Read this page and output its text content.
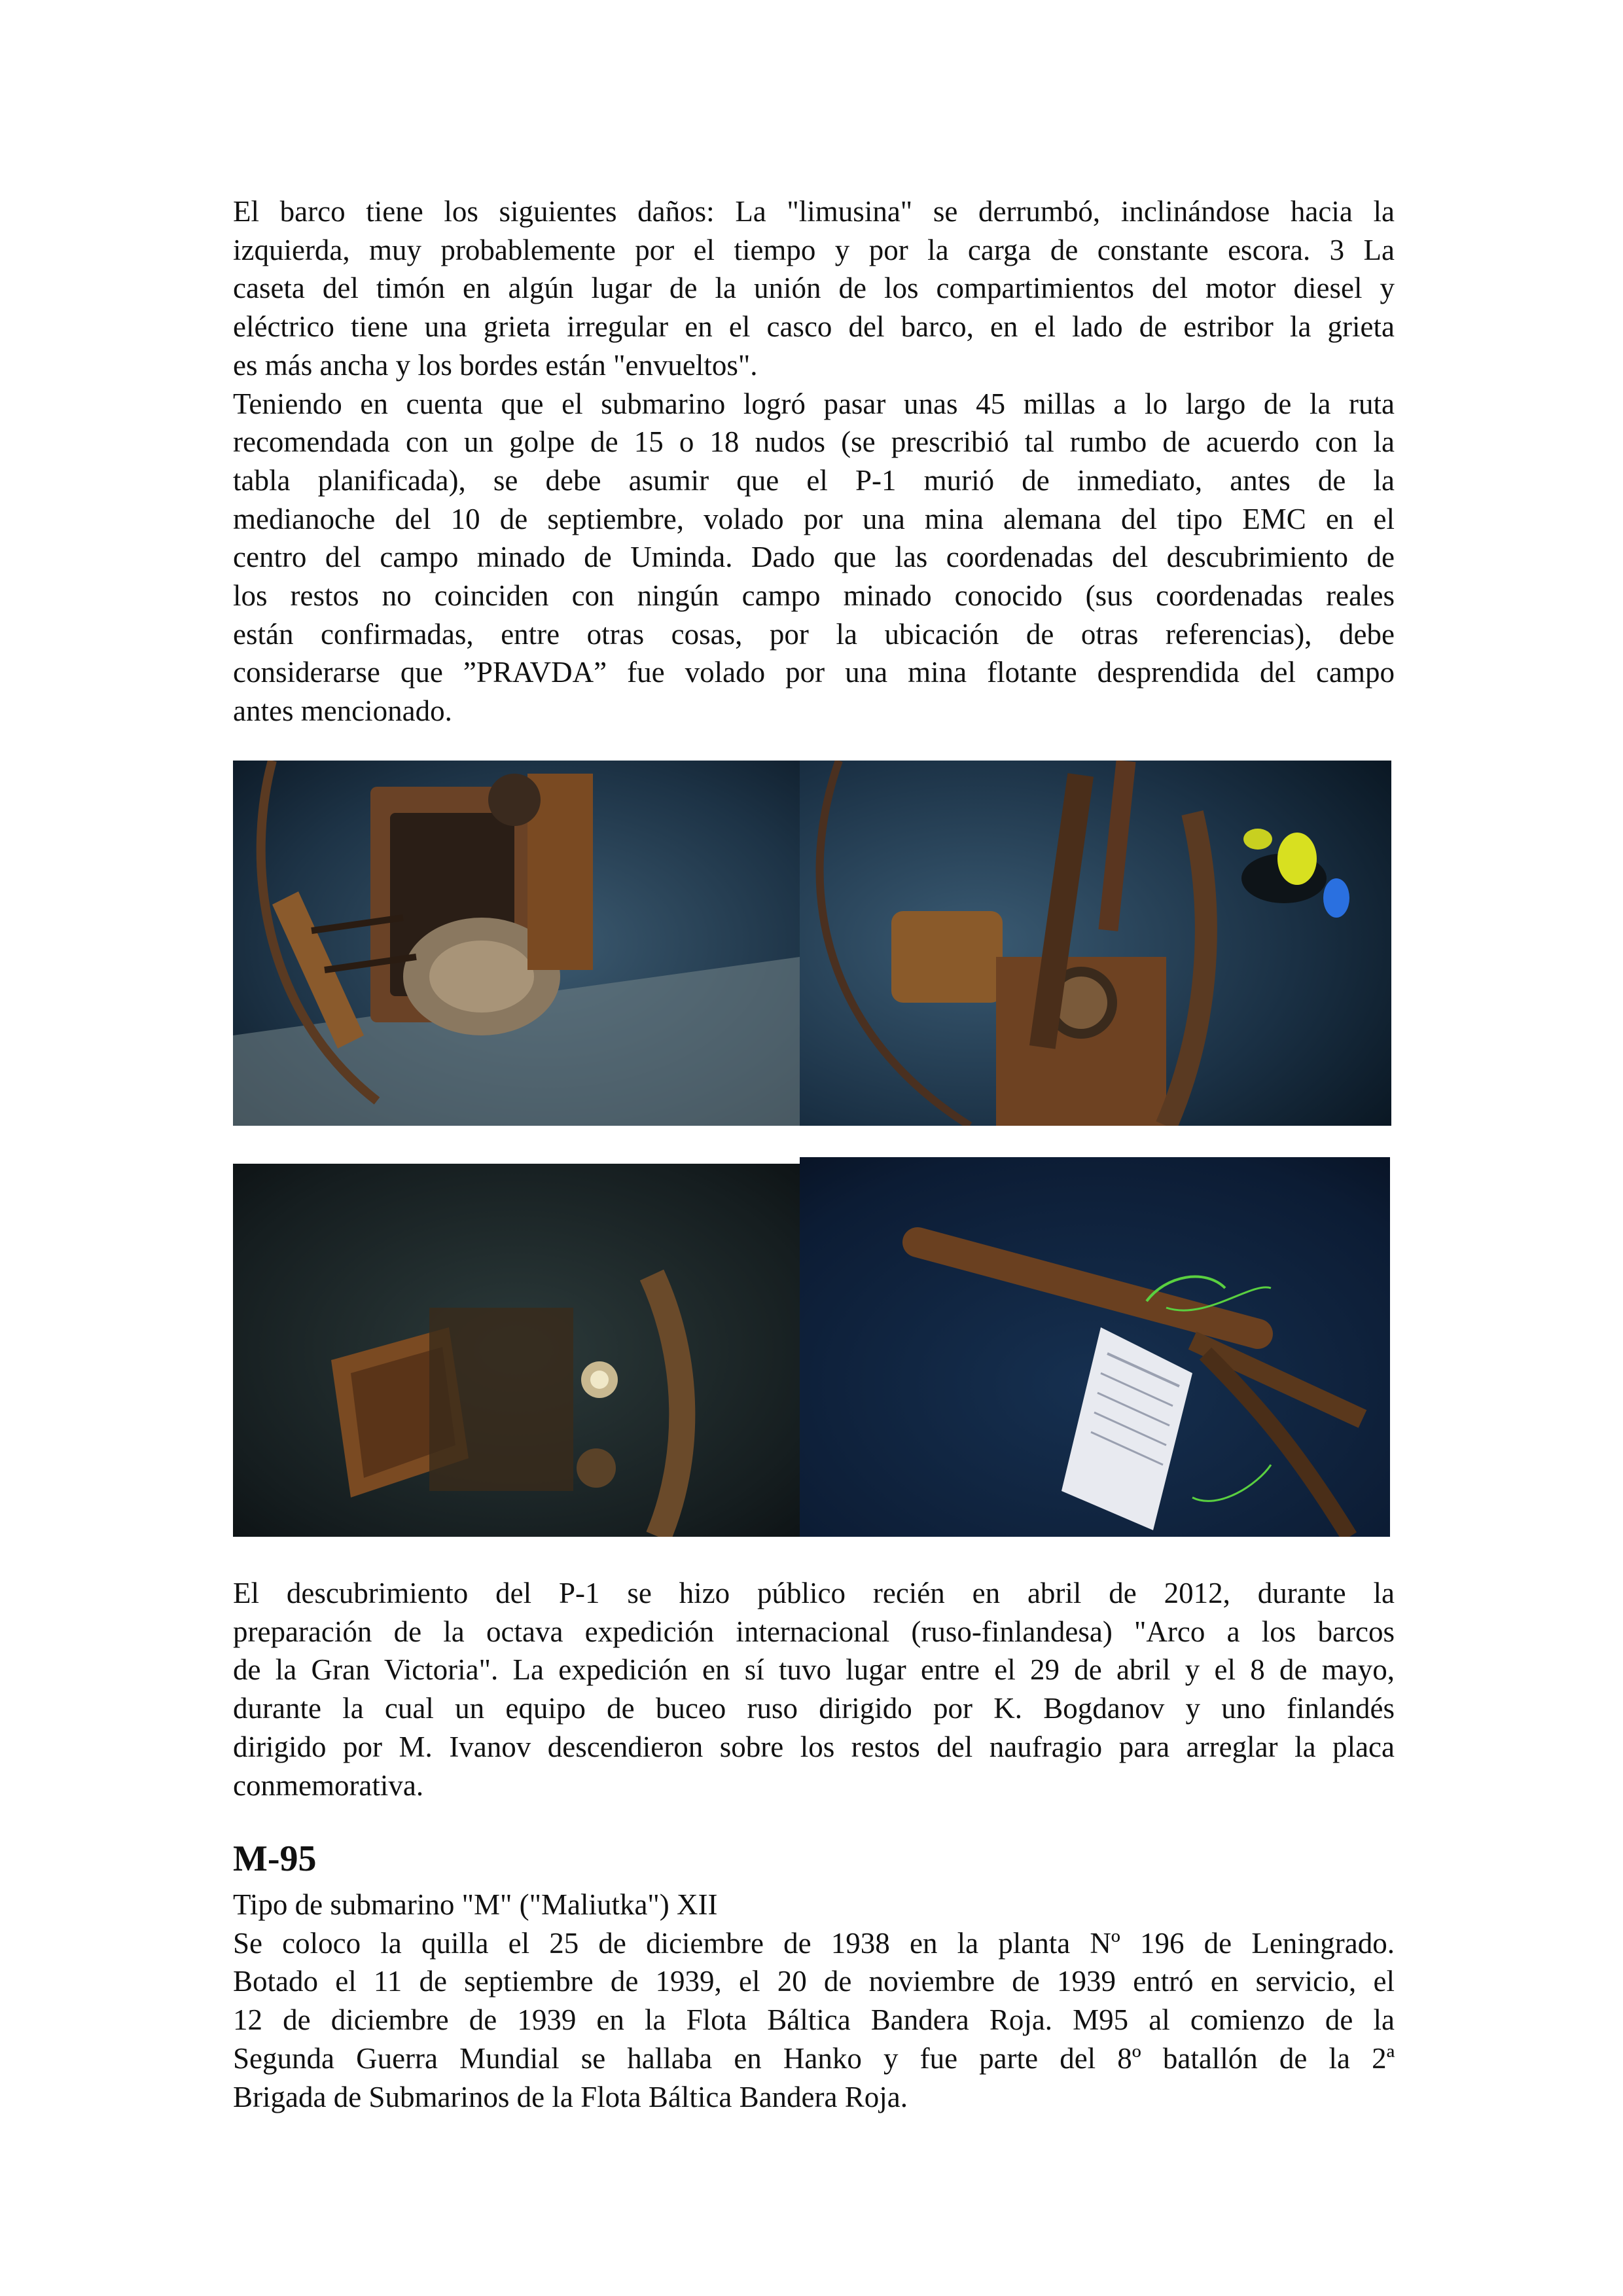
El barco tiene los siguientes daños: La "limusina" se derrumbó, inclinándose hacia la
izquierda, muy probablemente por el tiempo y por la carga de constante escora. 3 La
caseta del timón en algún lugar de la unión de los compartimientos del motor diesel y
eléctrico tiene una grieta irregular en el casco del barco, en el lado de estribor la grieta
es más ancha y los bordes están "envueltos".
Teniendo en cuenta que el submarino logró pasar unas 45 millas a lo largo de la ruta
recomendada con un golpe de 15 o 18 nudos (se prescribió tal rumbo de acuerdo con la
tabla planificada), se debe asumir que el P-1 murió de inmediato, antes de la
medianoche del 10 de septiembre, volado por una mina alemana del tipo EMC en el
centro del campo minado de Uminda. Dado que las coordenadas del descubrimiento de
los restos no coinciden con ningún campo minado conocido (sus coordenadas reales
están confirmadas, entre otras cosas, por la ubicación de otras referencias), debe
considerarse que ”PRAVDA” fue volado por una mina flotante desprendida del campo
antes mencionado.
El descubrimiento del P-1 se hizo público recién en abril de 2012, durante la
preparación de la octava expedición internacional (ruso-finlandesa) "Arco a los barcos
de la Gran Victoria". La expedición en sí tuvo lugar entre el 29 de abril y el 8 de mayo,
durante la cual un equipo de buceo ruso dirigido por K. Bogdanov y uno finlandés
dirigido por M. Ivanov descendieron sobre los restos del naufragio para arreglar la placa
conmemorativa.
M-95
Tipo de submarino "M" ("Maliutka") XII
Se coloco la quilla el 25 de diciembre de 1938 en la planta Nº 196 de Leningrado.
Botado el 11 de septiembre de 1939, el 20 de noviembre de 1939 entró en servicio, el
12 de diciembre de 1939 en la Flota Báltica Bandera Roja. M95 al comienzo de la
Segunda Guerra Mundial se hallaba en Hanko y fue parte del 8º batallón de la 2ª
Brigada de Submarinos de la Flota Báltica Bandera Roja.
